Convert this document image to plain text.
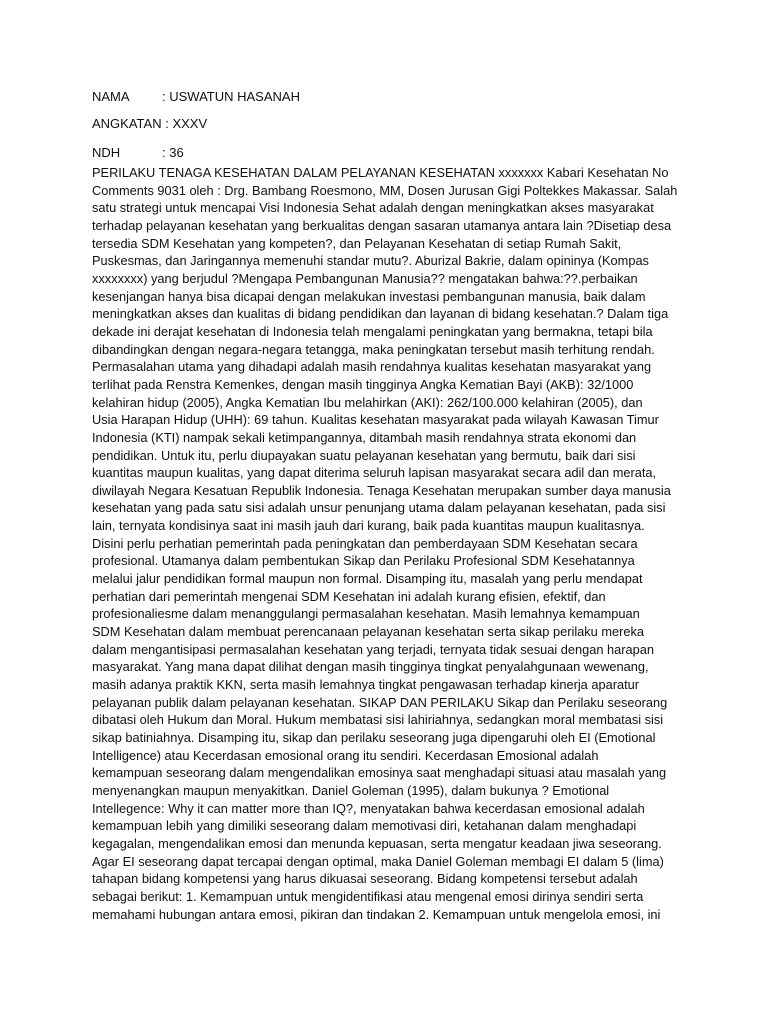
NAMA : USWATUN HASANAH
ANGKATAN : XXXV
NDH	: 36
PERILAKU TENAGA KESEHATAN DALAM PELAYANAN KESEHATAN xxxxxxx Kabari Kesehatan No
Comments 9031 oleh : Drg. Bambang Roesmono, MM, Dosen Jurusan Gigi Poltekkes Makassar. Salah
satu strategi untuk mencapai Visi Indonesia Sehat adalah dengan meningkatkan akses masyarakat
terhadap pelayanan kesehatan yang berkualitas dengan sasaran utamanya antara lain ?Disetiap desa
tersedia SDM Kesehatan yang kompeten?, dan Pelayanan Kesehatan di setiap Rumah Sakit,
Puskesmas, dan Jaringannya memenuhi standar mutu?. Aburizal Bakrie, dalam opininya (Kompas
xxxxxxxx) yang berjudul ?Mengapa Pembangunan Manusia?? mengatakan bahwa:??.perbaikan
kesenjangan hanya bisa dicapai dengan melakukan investasi pembangunan manusia, baik dalam
meningkatkan akses dan kualitas di bidang pendidikan dan layanan di bidang kesehatan.? Dalam tiga
dekade ini derajat kesehatan di Indonesia telah mengalami peningkatan yang bermakna, tetapi bila
dibandingkan dengan negara-negara tetangga, maka peningkatan tersebut masih terhitung rendah.
Permasalahan utama yang dihadapi adalah masih rendahnya kualitas kesehatan masyarakat yang
terlihat pada Renstra Kemenkes, dengan masih tingginya Angka Kematian Bayi (AKB): 32/1000
kelahiran hidup (2005), Angka Kematian Ibu melahirkan (AKI): 262/100.000 kelahiran (2005), dan
Usia Harapan Hidup (UHH): 69 tahun. Kualitas kesehatan masyarakat pada wilayah Kawasan Timur
Indonesia (KTI) nampak sekali ketimpangannya, ditambah masih rendahnya strata ekonomi dan
pendidikan. Untuk itu, perlu diupayakan suatu pelayanan kesehatan yang bermutu, baik dari sisi
kuantitas maupun kualitas, yang dapat diterima seluruh lapisan masyarakat secara adil dan merata,
diwilayah Negara Kesatuan Republik Indonesia. Tenaga Kesehatan merupakan sumber daya manusia
kesehatan yang pada satu sisi adalah unsur penunjang utama dalam pelayanan kesehatan, pada sisi
lain, ternyata kondisinya saat ini masih jauh dari kurang, baik pada kuantitas maupun kualitasnya.
Disini perlu perhatian pemerintah pada peningkatan dan pemberdayaan SDM Kesehatan secara
profesional. Utamanya dalam pembentukan Sikap dan Perilaku Profesional SDM Kesehatannya
melalui jalur pendidikan formal maupun non formal. Disamping itu, masalah yang perlu mendapat
perhatian dari pemerintah mengenai SDM Kesehatan ini adalah kurang efisien, efektif, dan
profesionaliesme dalam menanggulangi permasalahan kesehatan. Masih lemahnya kemampuan
SDM Kesehatan dalam membuat perencanaan pelayanan kesehatan serta sikap perilaku mereka
dalam mengantisipasi permasalahan kesehatan yang terjadi, ternyata tidak sesuai dengan harapan
masyarakat. Yang mana dapat dilihat dengan masih tingginya tingkat penyalahgunaan wewenang,
masih adanya praktik KKN, serta masih lemahnya tingkat pengawasan terhadap kinerja aparatur
pelayanan publik dalam pelayanan kesehatan. SIKAP DAN PERILAKU Sikap dan Perilaku seseorang
dibatasi oleh Hukum dan Moral. Hukum membatasi sisi lahiriahnya, sedangkan moral membatasi sisi
sikap batiniahnya. Disamping itu, sikap dan perilaku seseorang juga dipengaruhi oleh EI (Emotional
Intelligence) atau Kecerdasan emosional orang itu sendiri. Kecerdasan Emosional adalah
kemampuan seseorang dalam mengendalikan emosinya saat menghadapi situasi atau masalah yang
menyenangkan maupun menyakitkan. Daniel Goleman (1995), dalam bukunya ? Emotional
Intellegence: Why it can matter more than IQ?, menyatakan bahwa kecerdasan emosional adalah
kemampuan lebih yang dimiliki seseorang dalam memotivasi diri, ketahanan dalam menghadapi
kegagalan, mengendalikan emosi dan menunda kepuasan, serta mengatur keadaan jiwa seseorang.
Agar EI seseorang dapat tercapai dengan optimal, maka Daniel Goleman membagi EI dalam 5 (lima)
tahapan bidang kompetensi yang harus dikuasai seseorang. Bidang kompetensi tersebut adalah
sebagai berikut: 1. Kemampuan untuk mengidentifikasi atau mengenal emosi dirinya sendiri serta
memahami hubungan antara emosi, pikiran dan tindakan 2. Kemampuan untuk mengelola emosi, ini
